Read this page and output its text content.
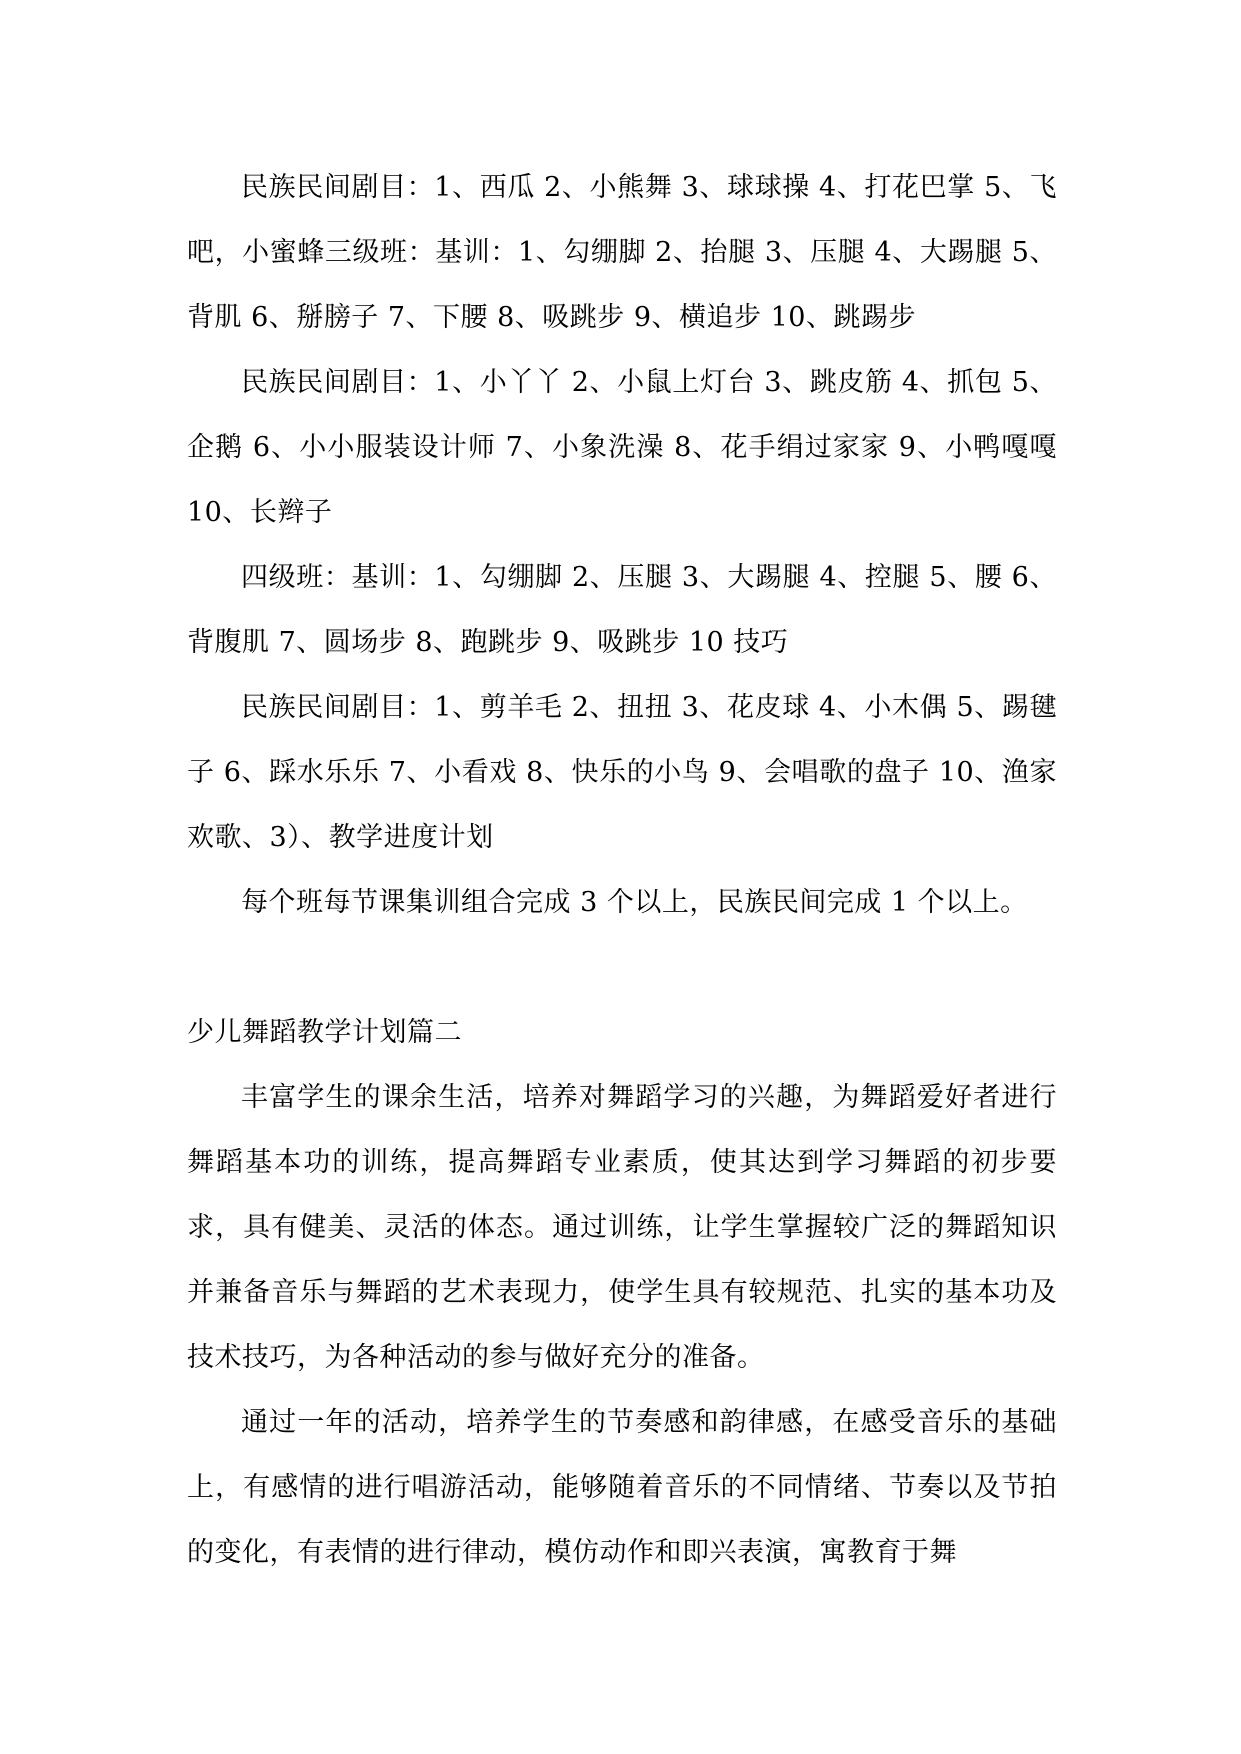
民族民间剧目：1、西瓜 2、小熊舞 3、球球操 4、打花巴掌 5、飞吧，小蜜蜂三级班：基训：1、勾绷脚 2、抬腿 3、压腿 4、大踢腿 5、背肌 6、掰膀子 7、下腰 8、吸跳步 9、横追步 10、跳踢步

民族民间剧目：1、小丫丫 2、小鼠上灯台 3、跳皮筋 4、抓包 5、企鹅 6、小小服装设计师 7、小象洗澡 8、花手绢过家家 9、小鸭嘎嘎 10、长辫子

四级班：基训：1、勾绷脚 2、压腿 3、大踢腿 4、控腿 5、腰 6、背腹肌 7、圆场步 8、跑跳步 9、吸跳步 10 技巧

民族民间剧目：1、剪羊毛 2、扭扭 3、花皮球 4、小木偶 5、踢毽子 6、踩水乐乐 7、小看戏 8、快乐的小鸟 9、会唱歌的盘子 10、渔家欢歌、3）、教学进度计划

每个班每节课集训组合完成 3 个以上，民族民间完成 1 个以上。

少儿舞蹈教学计划篇二

丰富学生的课余生活，培养对舞蹈学习的兴趣，为舞蹈爱好者进行舞蹈基本功的训练，提高舞蹈专业素质，使其达到学习舞蹈的初步要求，具有健美、灵活的体态。通过训练，让学生掌握较广泛的舞蹈知识并兼备音乐与舞蹈的艺术表现力，使学生具有较规范、扎实的基本功及技术技巧，为各种活动的参与做好充分的准备。

通过一年的活动，培养学生的节奏感和韵律感，在感受音乐的基础上，有感情的进行唱游活动，能够随着音乐的不同情绪、节奏以及节拍的变化，有表情的进行律动，模仿动作和即兴表演，寓教育于舞
